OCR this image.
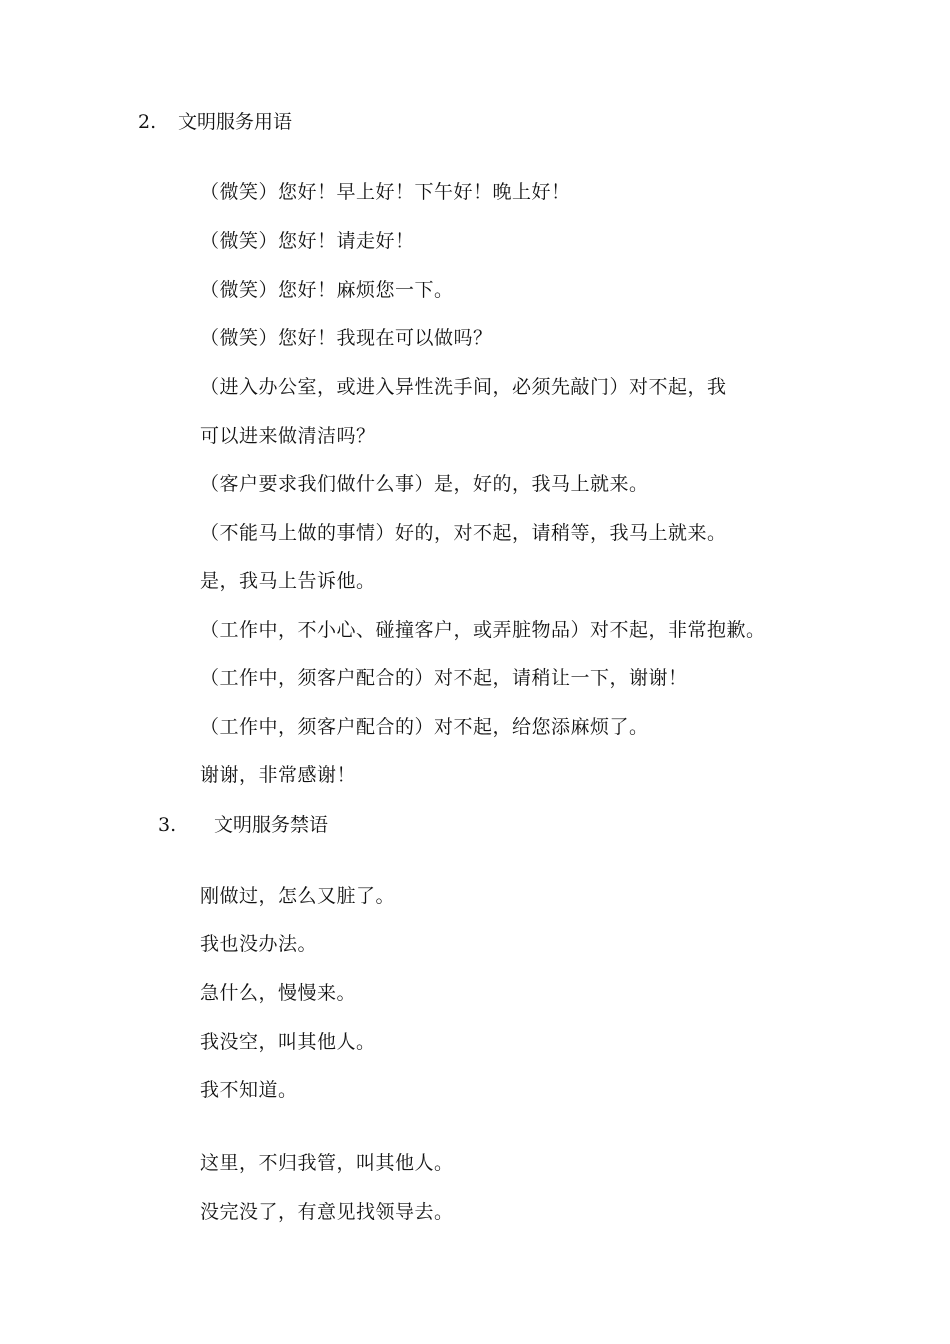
2. 文明服务用语
（微笑）您好！早上好！下午好！晚上好！
（微笑）您好！请走好！
（微笑）您好！麻烦您一下。
（微笑）您好！我现在可以做吗？
（进入办公室，或进入异性洗手间，必须先敲门）对不起，我
可以进来做清洁吗？
（客户要求我们做什么事）是，好的，我马上就来。
（不能马上做的事情）好的，对不起，请稍等，我马上就来。
是，我马上告诉他。
（工作中，不小心、碰撞客户，或弄脏物品）对不起，非常抱歉。
（工作中，须客户配合的）对不起，请稍让一下，谢谢！
（工作中，须客户配合的）对不起，给您添麻烦了。
谢谢，非常感谢！
3. 文明服务禁语
刚做过，怎么又脏了。
我也没办法。
急什么，慢慢来。
我没空，叫其他人。
我不知道。
这里，不归我管，叫其他人。
没完没了，有意见找领导去。
